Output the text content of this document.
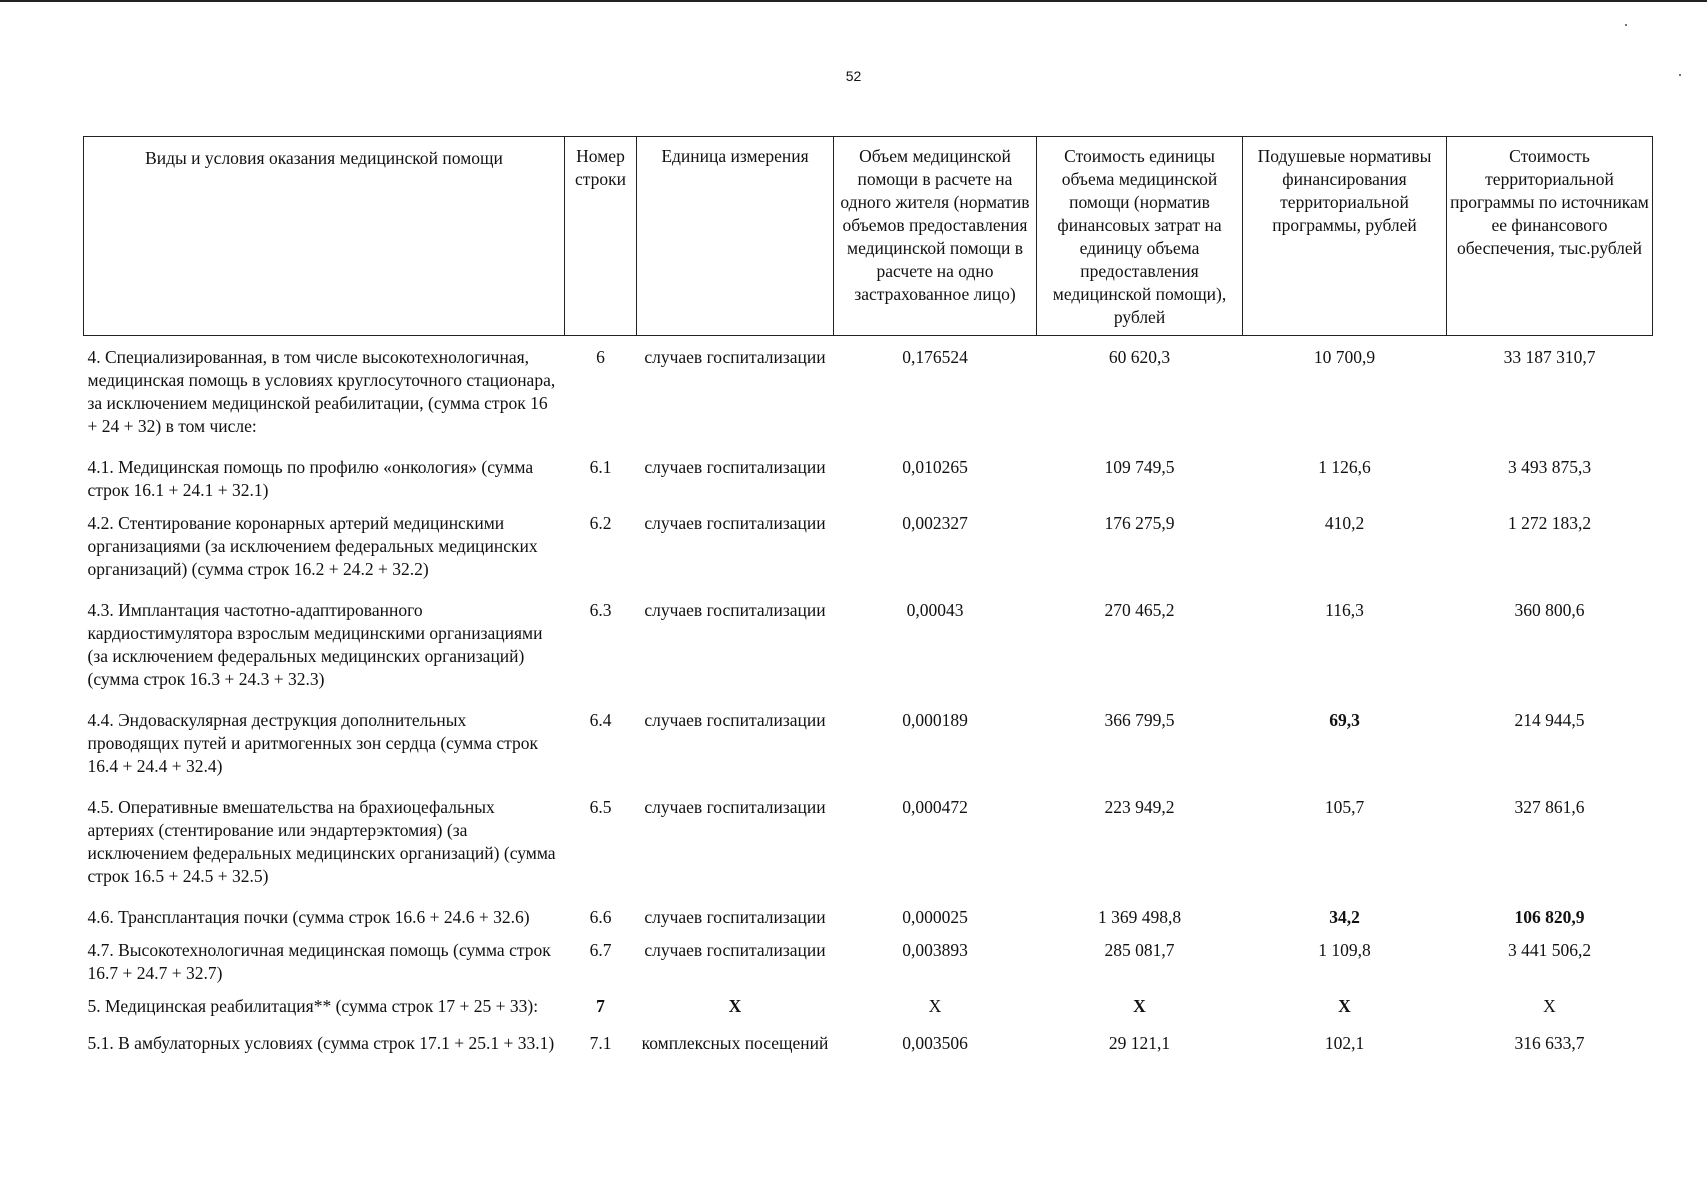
52
Виды и условия оказания медицинской помощи	Номер строки	Единица измерения	Объем медицинской помощи в расчете на одного жителя (норматив объемов предоставления медицинской помощи в расчете на одно застрахованное лицо)	Стоимость единицы объема медицинской помощи (норматив финансовых затрат на единицу объема предоставления медицинской помощи), рублей	Подушевые нормативы финансирования территориальной программы, рублей	Стоимость территориальной программы по источникам ее финансового обеспечения, тыс.рублей
4. Специализированная, в том числе высокотехнологичная, медицинская помощь в условиях круглосуточного стационара, за исключением медицинской реабилитации, (сумма строк 16 + 24 + 32) в том числе:	6	случаев госпитализации	0,176524	60 620,3	10 700,9	33 187 310,7
4.1. Медицинская помощь по профилю «онкология» (сумма строк 16.1 + 24.1 + 32.1)	6.1	случаев госпитализации	0,010265	109 749,5	1 126,6	3 493 875,3
4.2. Стентирование коронарных артерий медицинскими организациями (за исключением федеральных медицинских организаций) (сумма строк 16.2 + 24.2 + 32.2)	6.2	случаев госпитализации	0,002327	176 275,9	410,2	1 272 183,2
4.3. Имплантация частотно-адаптированного кардиостимулятора взрослым медицинскими организациями (за исключением федеральных медицинских организаций) (сумма строк 16.3 + 24.3 + 32.3)	6.3	случаев госпитализации	0,00043	270 465,2	116,3	360 800,6
4.4. Эндоваскулярная деструкция дополнительных проводящих путей и аритмогенных зон сердца (сумма строк 16.4 + 24.4 + 32.4)	6.4	случаев госпитализации	0,000189	366 799,5	69,3	214 944,5
4.5. Оперативные вмешательства на брахиоцефальных артериях (стентирование или эндартерэктомия) (за исключением федеральных медицинских организаций) (сумма строк 16.5 + 24.5 + 32.5)	6.5	случаев госпитализации	0,000472	223 949,2	105,7	327 861,6
4.6. Трансплантация почки (сумма строк 16.6 + 24.6 + 32.6)	6.6	случаев госпитализации	0,000025	1 369 498,8	34,2	106 820,9
4.7. Высокотехнологичная медицинская помощь (сумма строк 16.7 + 24.7 + 32.7)	6.7	случаев госпитализации	0,003893	285 081,7	1 109,8	3 441 506,2
5. Медицинская реабилитация** (сумма строк 17 + 25 + 33):	7	Х	Х	Х	Х	Х
5.1. В амбулаторных условиях (сумма строк 17.1 + 25.1 + 33.1)	7.1	комплексных посещений	0,003506	29 121,1	102,1	316 633,7
